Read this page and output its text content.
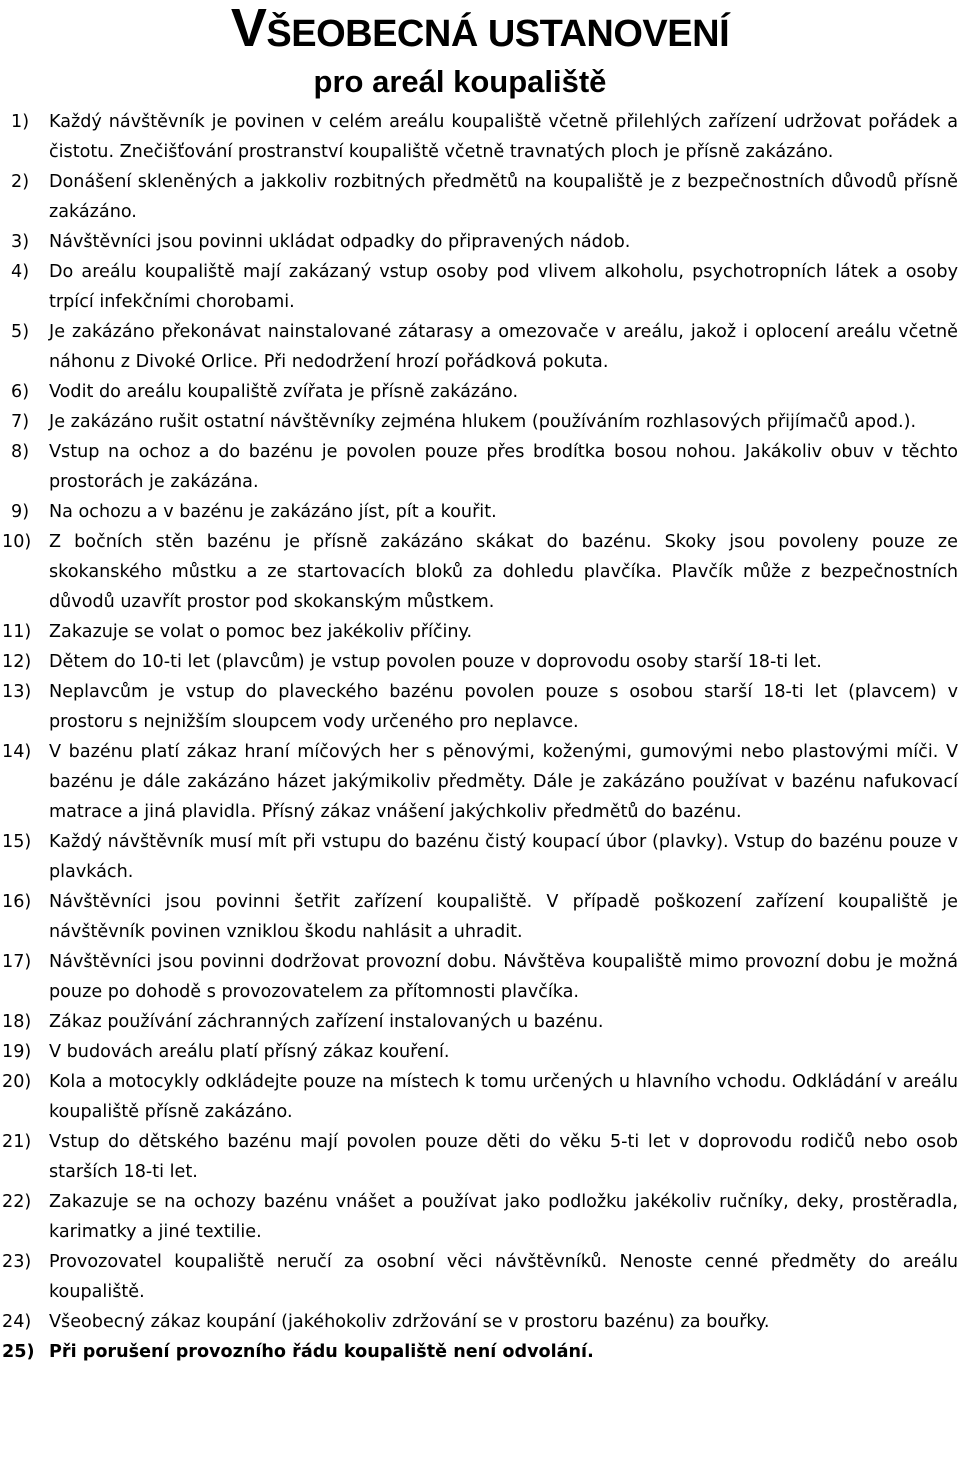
VŠEOBECNÁ USTANOVENÍ
pro areál koupaliště
1) Každý návštěvník je povinen v celém areálu koupaliště včetně přilehlých zařízení udržovat pořádek a čistotu. Znečišťování prostranství koupaliště včetně travnatých ploch je přísně zakázáno.
2) Donášení skleněných a jakkoliv rozbitných předmětů na koupaliště je z bezpečnostních důvodů přísně zakázáno.
3) Návštěvníci jsou povinni ukládat odpadky do připravených nádob.
4) Do areálu koupaliště mají zakázaný vstup osoby pod vlivem alkoholu, psychotropních látek a osoby trpící infekčními chorobami.
5) Je zakázáno překonávat nainstalované zátarasy a omezovače v areálu, jakož i oplocení areálu včetně náhonu z Divoké Orlice. Při nedodržení hrozí pořádková pokuta.
6) Vodit do areálu koupaliště zvířata je přísně zakázáno.
7) Je zakázáno rušit ostatní návštěvníky zejména hlukem (používáním rozhlasových přijímačů apod.).
8) Vstup na ochoz a do bazénu je povolen pouze přes brodítka bosou nohou. Jakákoliv obuv v těchto prostorách je zakázána.
9) Na ochozu a v bazénu je zakázáno jíst, pít a kouřit.
10) Z bočních stěn bazénu je přísně zakázáno skákat do bazénu. Skoky jsou povoleny pouze ze skokanského můstku a ze startovacích bloků za dohledu plavčíka. Plavčík může z bezpečnostních důvodů uzavřít prostor pod skokanským můstkem.
11) Zakazuje se volat o pomoc bez jakékoliv příčiny.
12) Dětem do 10-ti let (plavcům) je vstup povolen pouze v doprovodu osoby starší 18-ti let.
13) Neplavcům je vstup do plaveckého bazénu povolen pouze s osobou starší 18-ti let (plavcem) v prostoru s nejnižším sloupcem vody určeného pro neplavce.
14) V bazénu platí zákaz hraní míčových her s pěnovými, koženými, gumovými nebo plastovými míči. V bazénu je dále zakázáno házet jakýmikoliv předměty. Dále je zakázáno používat v bazénu nafukovací matrace a jiná plavidla. Přísný zákaz vnášení jakýchkoliv předmětů do bazénu.
15) Každý návštěvník musí mít při vstupu do bazénu čistý koupací úbor (plavky). Vstup do bazénu pouze v plavkách.
16) Návštěvníci jsou povinni šetřit zařízení koupaliště. V případě poškození zařízení koupaliště je návštěvník povinen vzniklou škodu nahlásit a uhradit.
17) Návštěvníci jsou povinni dodržovat provozní dobu. Návštěva koupaliště mimo provozní dobu je možná pouze po dohodě s provozovatelem za přítomnosti plavčíka.
18) Zákaz používání záchranných zařízení instalovaných u bazénu.
19) V budovách areálu platí přísný zákaz kouření.
20) Kola a motocykly odkládejte pouze na místech k tomu určených u hlavního vchodu. Odkládání v areálu koupaliště přísně zakázáno.
21) Vstup do dětského bazénu mají povolen pouze děti do věku 5-ti let v doprovodu rodičů nebo osob starších 18-ti let.
22) Zakazuje se na ochozy bazénu vnášet a používat jako podložku jakékoliv ručníky, deky, prostěradla, karimatky a jiné textilie.
23) Provozovatel koupaliště neručí za osobní věci návštěvníků. Nenoste cenné předměty do areálu koupaliště.
24) Všeobecný zákaz koupání (jakéhokoliv zdržování se v prostoru bazénu) za bouřky.
25) Při porušení provozního řádu koupaliště není odvolání.
